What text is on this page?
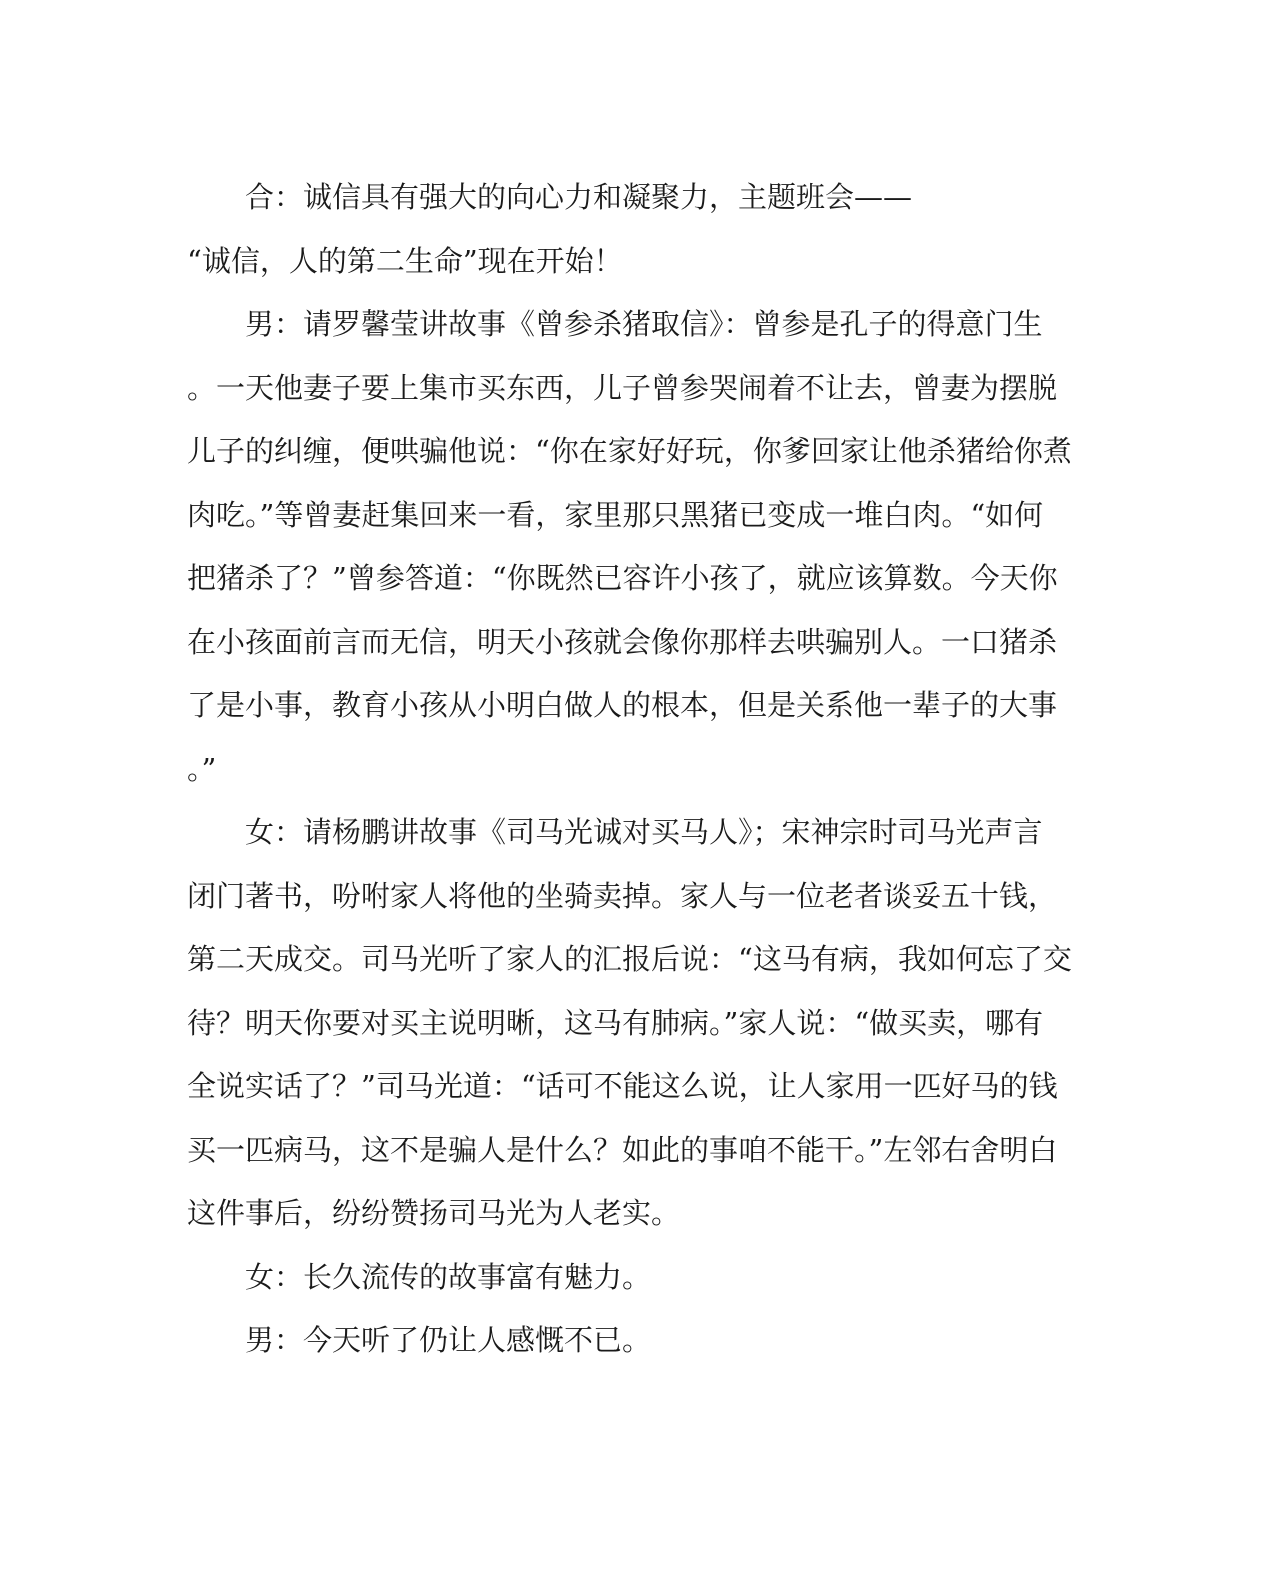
合：诚信具有强大的向心力和凝聚力，主题班会——
“诚信，人的第二生命”现在开始！
男：请罗馨莹讲故事《曾参杀猪取信》：曾参是孔子的得意门生
。一天他妻子要上集市买东西，儿子曾参哭闹着不让去，曾妻为摆脱
儿子的纠缠，便哄骗他说：“你在家好好玩，你爹回家让他杀猪给你煮
肉吃。”等曾妻赶集回来一看，家里那只黑猪已变成一堆白肉。“如何
把猪杀了？”曾参答道：“你既然已容许小孩了，就应该算数。今天你
在小孩面前言而无信，明天小孩就会像你那样去哄骗别人。一口猪杀
了是小事，教育小孩从小明白做人的根本，但是关系他一辈子的大事
。”
女：请杨鹏讲故事《司马光诚对买马人》；宋神宗时司马光声言
闭门著书，吩咐家人将他的坐骑卖掉。家人与一位老者谈妥五十钱，
第二天成交。司马光听了家人的汇报后说：“这马有病，我如何忘了交
待？明天你要对买主说明晰，这马有肺病。”家人说：“做买卖，哪有
全说实话了？”司马光道：“话可不能这么说，让人家用一匹好马的钱
买一匹病马，这不是骗人是什么？如此的事咱不能干。”左邻右舍明白
这件事后，纷纷赞扬司马光为人老实。
女：长久流传的故事富有魅力。
男：今天听了仍让人感慨不已。
